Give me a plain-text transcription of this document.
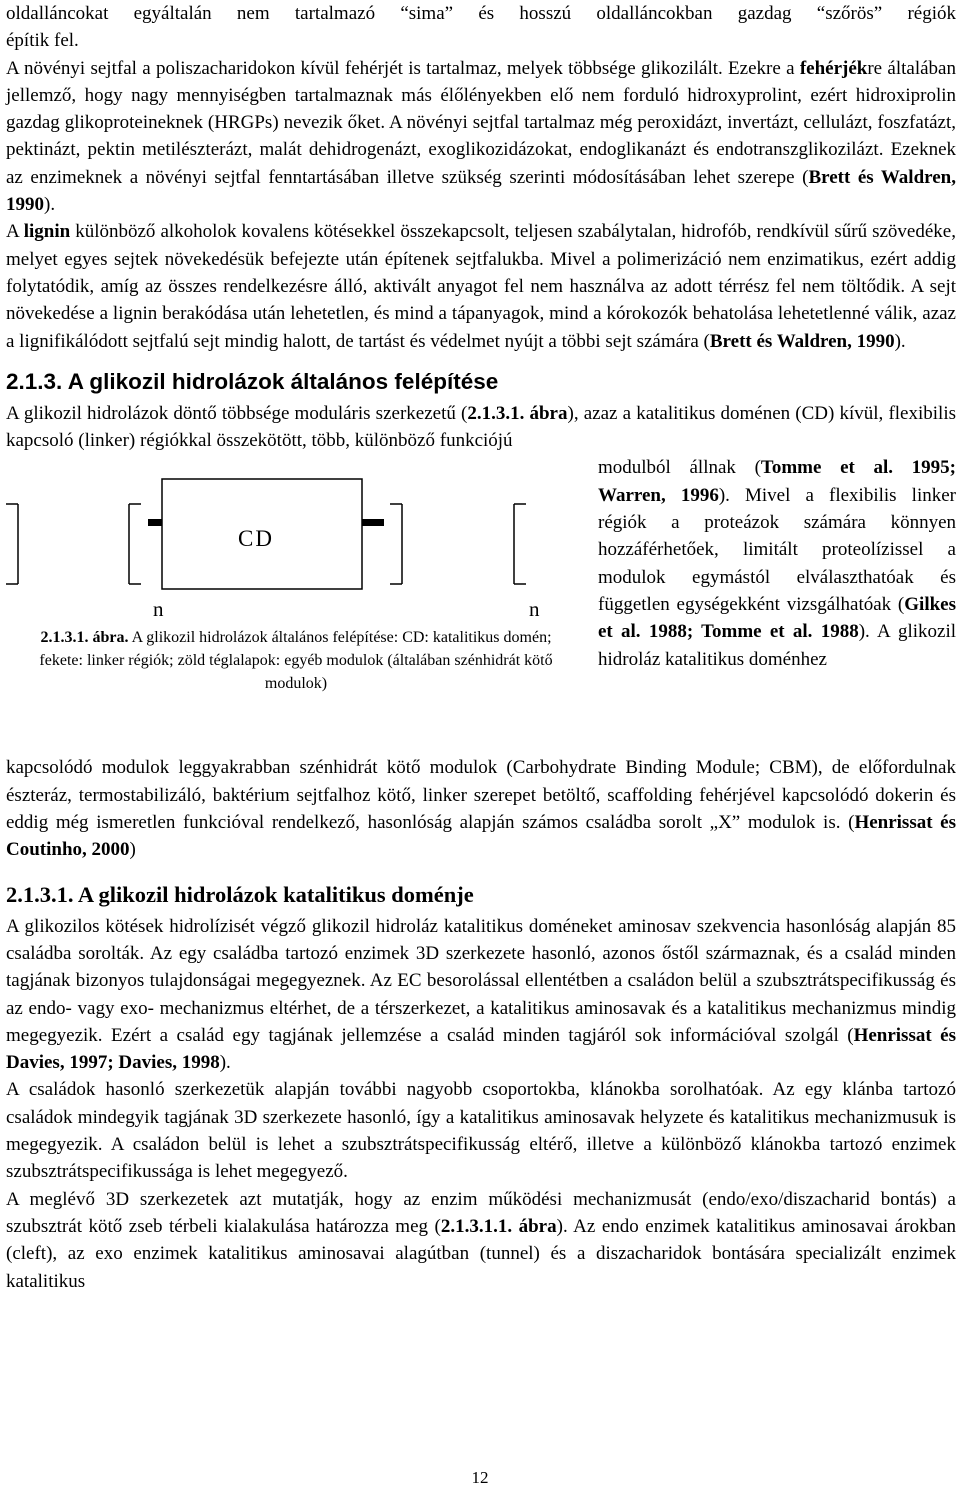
oldalláncokat egyáltalán nem tartalmazó “sima” és hosszú oldalláncokban gazdag “szőrös” régiók

építik fel.

A növényi sejtfal a poliszacharidokon kívül fehérjét is tartalmaz, melyek többsége glikozilált. Ezekre a fehérjékre általában jellemző, hogy nagy mennyiségben tartalmaznak más élőlényekben elő nem forduló hidroxyprolint, ezért hidroxiprolin gazdag glikoproteineknek (HRGPs) nevezik őket. A növényi sejtfal tartalmaz még peroxidázt, invertázt, cellulázt, foszfatázt, pektinázt, pektin metilészterázt, malát dehidrogenázt, exoglikozidázokat, endoglikanázt és endotranszglikozilázt. Ezeknek az enzimeknek a növényi sejtfal fenntartásában illetve szükség szerinti módosításában lehet szerepe (Brett és Waldren, 1990).

A lignin különböző alkoholok kovalens kötésekkel összekapcsolt, teljesen szabálytalan, hidrofób, rendkívül sűrű szövedéke, melyet egyes sejtek növekedésük befejezte után építenek sejtfalukba. Mivel a polimerizáció nem enzimatikus, ezért addig folytatódik, amíg az összes rendelkezésre álló, aktivált anyagot fel nem használva az adott térrész fel nem töltődik. A sejt növekedése a lignin berakódása után lehetetlen, és mind a tápanyagok, mind a kórokozók behatolása lehetetlenné válik, azaz a lignifikálódott sejtfalú sejt mindig halott, de tartást és védelmet nyújt a többi sejt számára (Brett és Waldren, 1990).

2.1.3. A glikozil hidrolázok általános felépítése

A glikozil hidrolázok döntő többsége moduláris szerkezetű (2.1.3.1. ábra), azaz a katalitikus doménen (CD) kívül, flexibilis kapcsoló (linker) régiókkal összekötött, több, különböző funkciójú

n
CD
n
2.1.3.1. ábra. A glikozil hidrolázok általános felépítése: CD: katalitikus domén; fekete: linker régiók; zöld téglalapok: egyéb modulok (általában szénhidrát kötő modulok)

modulból állnak (Tomme et al. 1995; Warren, 1996). Mivel a flexibilis linker régiók a proteázok számára könnyen hozzáférhetőek, limitált proteolízissel a modulok egymástól elválaszthatóak és független egységekként vizsgálhatóak (Gilkes et al. 1988; Tomme et al. 1988). A glikozil hidroláz katalitikus doménhez

kapcsolódó modulok leggyakrabban szénhidrát kötő modulok (Carbohydrate Binding Module; CBM), de előfordulnak észteráz, termostabilizáló, baktérium sejtfalhoz kötő, linker szerepet betöltő, scaffolding fehérjével kapcsolódó dokerin és eddig még ismeretlen funkcióval rendelkező, hasonlóság alapján számos családba sorolt „X” modulok is. (Henrissat és Coutinho, 2000)

2.1.3.1. A glikozil hidrolázok katalitikus doménje

A glikozilos kötések hidrolízisét végző glikozil hidroláz katalitikus doméneket aminosav szekvencia hasonlóság alapján 85 családba sorolták. Az egy családba tartozó enzimek 3D szerkezete hasonló, azonos őstől származnak, és a család minden tagjának bizonyos tulajdonságai megegyeznek. Az EC besorolással ellentétben a családon belül a szubsztrátspecifikusság és az endo- vagy exo- mechanizmus eltérhet, de a térszerkezet, a katalitikus aminosavak és a katalitikus mechanizmus mindig megegyezik. Ezért a család egy tagjának jellemzése a család minden tagjáról sok információval szolgál (Henrissat és Davies, 1997; Davies, 1998).

A családok hasonló szerkezetük alapján további nagyobb csoportokba, klánokba sorolhatóak. Az egy klánba tartozó családok mindegyik tagjának 3D szerkezete hasonló, így a katalitikus aminosavak helyzete és katalitikus mechanizmusuk is megegyezik. A családon belül is lehet a szubsztrátspecifikusság eltérő, illetve a különböző klánokba tartozó enzimek szubsztrátspecifikussága is lehet megegyező.

A meglévő 3D szerkezetek azt mutatják, hogy az enzim működési mechanizmusát (endo/exo/diszacharid bontás) a szubsztrát kötő zseb térbeli kialakulása határozza meg (2.1.3.1.1. ábra). Az endo enzimek katalitikus aminosavai árokban (cleft), az exo enzimek katalitikus aminosavai alagútban (tunnel) és a diszacharidok bontására specializált enzimek katalitikus

12
